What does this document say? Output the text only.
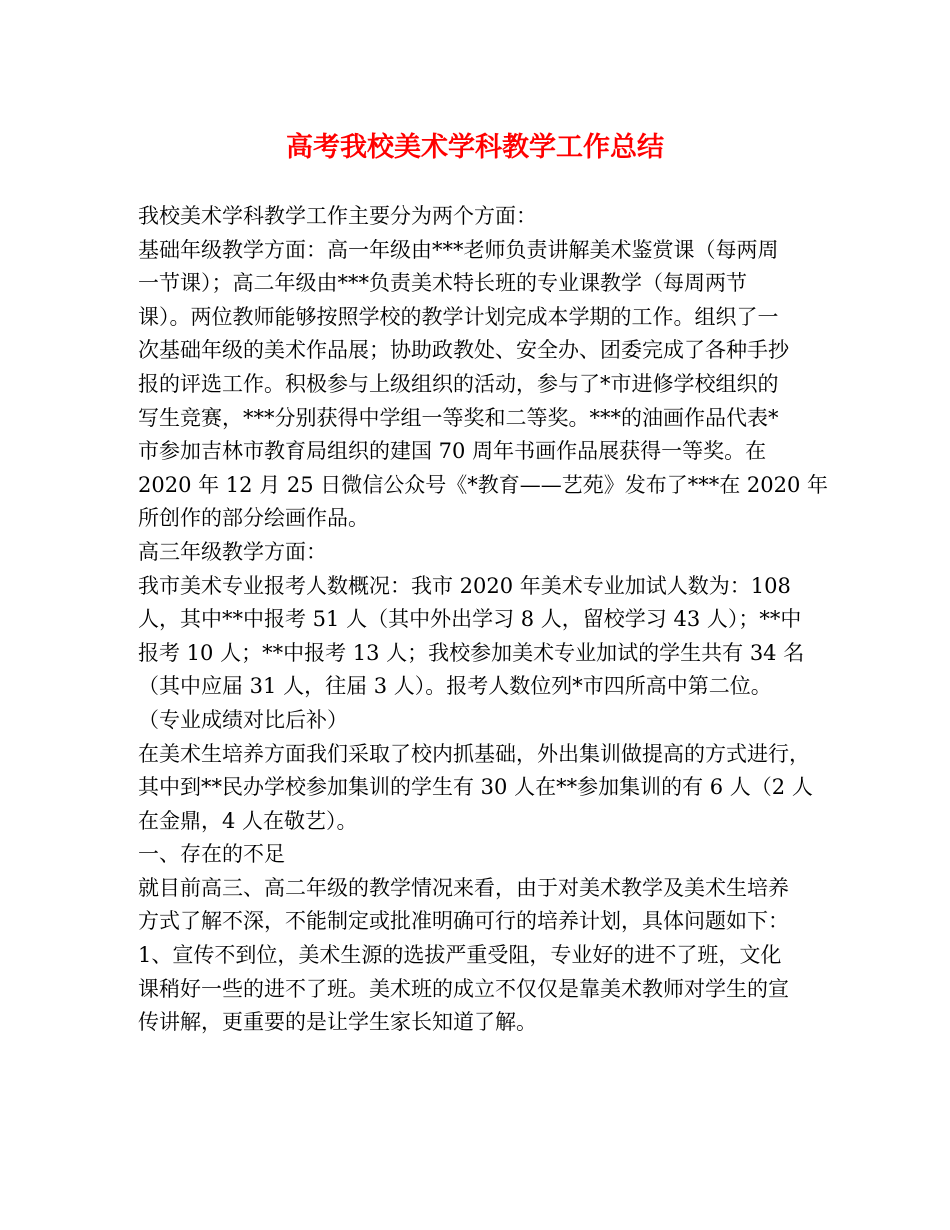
高考我校美术学科教学工作总结

我校美术学科教学工作主要分为两个方面：

基础年级教学方面：高一年级由***老师负责讲解美术鉴赏课（每两周

一节课）；高二年级由***负责美术特长班的专业课教学（每周两节

课）。两位教师能够按照学校的教学计划完成本学期的工作。组织了一

次基础年级的美术作品展；协助政教处、安全办、团委完成了各种手抄

报的评选工作。积极参与上级组织的活动，参与了*市进修学校组织的

写生竞赛，***分别获得中学组一等奖和二等奖。***的油画作品代表*

市参加吉林市教育局组织的建国 70 周年书画作品展获得一等奖。在

2020 年 12 月 25 日微信公众号《*教育——艺苑》发布了***在 2020 年

所创作的部分绘画作品。

高三年级教学方面：

我市美术专业报考人数概况：我市 2020 年美术专业加试人数为：108

人，其中**中报考 51 人（其中外出学习 8 人，留校学习 43 人）；**中

报考 10 人；**中报考 13 人；我校参加美术专业加试的学生共有 34 名

（其中应届 31 人，往届 3 人）。报考人数位列*市四所高中第二位。

（专业成绩对比后补）

在美术生培养方面我们采取了校内抓基础，外出集训做提高的方式进行，

其中到**民办学校参加集训的学生有 30 人在**参加集训的有 6 人（2 人

在金鼎，4 人在敬艺）。

一、存在的不足

就目前高三、高二年级的教学情况来看，由于对美术教学及美术生培养

方式了解不深，不能制定或批准明确可行的培养计划，具体问题如下：

1、宣传不到位，美术生源的选拔严重受阻，专业好的进不了班，文化

课稍好一些的进不了班。美术班的成立不仅仅是靠美术教师对学生的宣

传讲解，更重要的是让学生家长知道了解。
